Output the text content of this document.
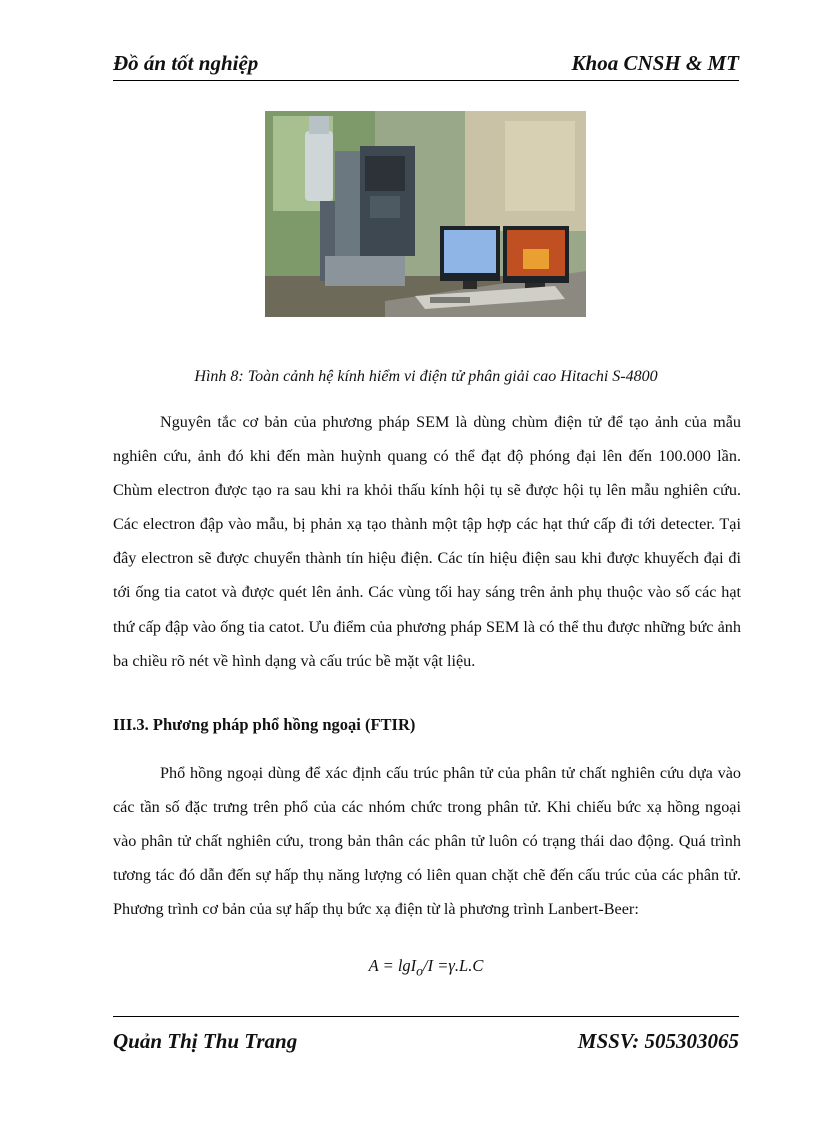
Đồ án tốt nghiệp	Khoa CNSH & MT
Hình 8: Toàn cảnh hệ kính hiểm vi điện tử phân giải cao Hitachi S-4800

Nguyên tắc cơ bản của phương pháp SEM là dùng chùm điện tử để tạo ảnh của mẫu nghiên cứu, ảnh đó khi đến màn huỳnh quang có thể đạt độ phóng đại lên đến 100.000 lần. Chùm electron được tạo ra sau khi ra khỏi thấu kính hội tụ sẽ được hội tụ lên mẫu nghiên cứu. Các electron đập vào mẫu, bị phản xạ tạo thành một tập hợp các hạt thứ cấp đi tới detecter. Tại đây electron sẽ được chuyển thành tín hiệu điện. Các tín hiệu điện sau khi được khuyếch đại đi tới ống tia catot và được quét lên ảnh. Các vùng tối hay sáng trên ảnh phụ thuộc vào số các hạt thứ cấp đập vào ống tia catot. Ưu điểm của phương pháp SEM là có thể thu được những bức ảnh ba chiều rõ nét về hình dạng và cấu trúc bề mặt vật liệu.

III.3. Phương pháp phổ hồng ngoại (FTIR)

Phổ hồng ngoại dùng để xác định cấu trúc phân tử của phân tử chất nghiên cứu dựa vào các tần số đặc trưng trên phổ của các nhóm chức trong phân tử. Khi chiếu bức xạ hồng ngoại vào phân tử chất nghiên cứu, trong bản thân các phân tử luôn có trạng thái dao động. Quá trình tương tác đó dẫn đến sự hấp thụ năng lượng có liên quan chặt chẽ đến cấu trúc của các phân tử. Phương trình cơ bản của sự hấp thụ bức xạ điện từ là phương trình Lanbert-Beer:

A = lgI$_o$/I =γ.L.C
Quản Thị Thu Trang	MSSV: 505303065
